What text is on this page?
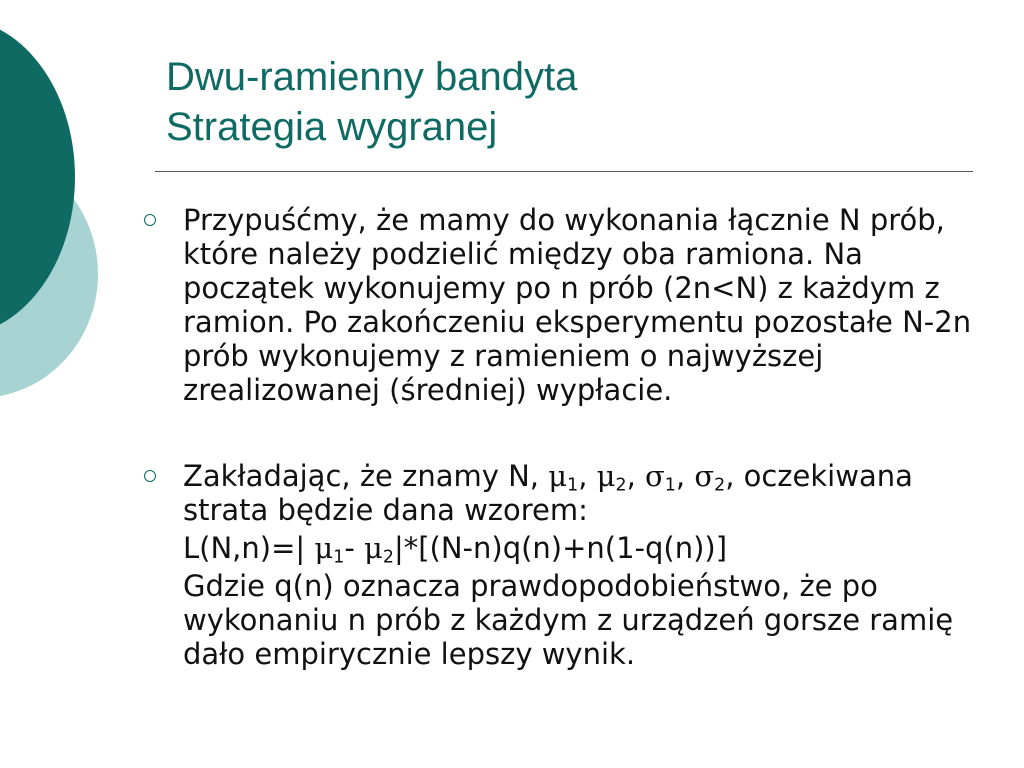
Dwu-ramienny bandyta
Strategia wygranej
Przypuśćmy, że mamy do wykonania łącznie N prób, które należy podzielić między oba ramiona. Na początek wykonujemy po n prób (2n<N) z każdym z ramion. Po zakończeniu eksperymentu pozostałe N-2n prób wykonujemy z ramieniem o najwyższej zrealizowanej (średniej) wypłacie.
Zakładając, że znamy N, $\mu_1$, $\mu_2$, $\sigma_1$, $\sigma_2$, oczekiwana strata będzie dana wzorem:
L(N,n)=| $\mu_1-$ $\mu_2|*[(N-n)q(n)+n(1-q(n))]$
Gdzie q(n) oznacza prawdopodobieństwo, że po wykonaniu n prób z każdym z urządzeń gorsze ramię dało empirycznie lepszy wynik.
